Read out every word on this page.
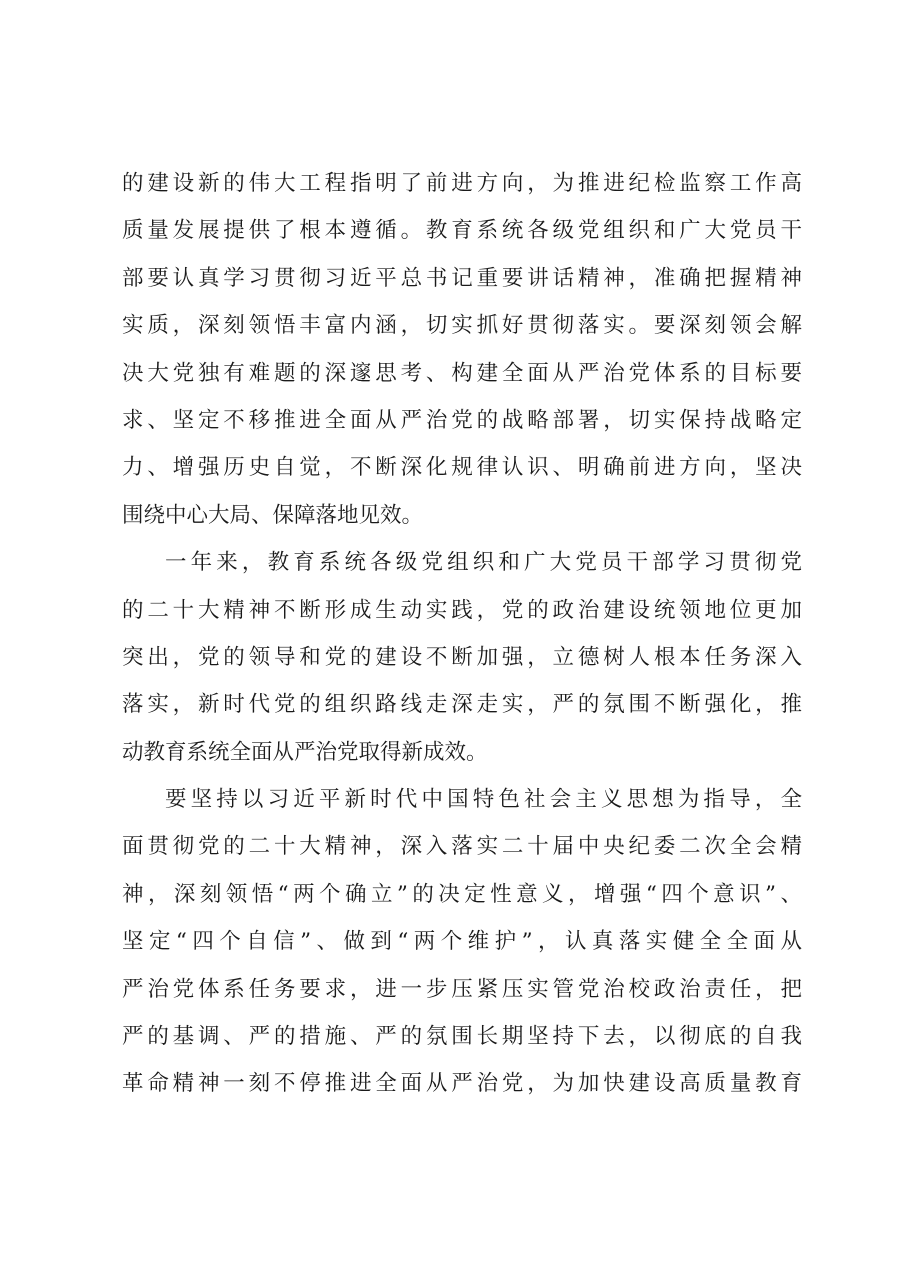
的建设新的伟大工程指明了前进方向，为推进纪检监察工作高
质量发展提供了根本遵循。教育系统各级党组织和广大党员干
部要认真学习贯彻习近平总书记重要讲话精神，准确把握精神
实质，深刻领悟丰富内涵，切实抓好贯彻落实。要深刻领会解
决大党独有难题的深邃思考、构建全面从严治党体系的目标要
求、坚定不移推进全面从严治党的战略部署，切实保持战略定
力、增强历史自觉，不断深化规律认识、明确前进方向，坚决
围绕中心大局、保障落地见效。
一年来，教育系统各级党组织和广大党员干部学习贯彻党
的二十大精神不断形成生动实践，党的政治建设统领地位更加
突出，党的领导和党的建设不断加强，立德树人根本任务深入
落实，新时代党的组织路线走深走实，严的氛围不断强化，推
动教育系统全面从严治党取得新成效。
要坚持以习近平新时代中国特色社会主义思想为指导，全
面贯彻党的二十大精神，深入落实二十届中央纪委二次全会精
神，深刻领悟“两个确立”的决定性意义，增强“四个意识”、
坚定“四个自信”、做到“两个维护”，认真落实健全全面从
严治党体系任务要求，进一步压紧压实管党治校政治责任，把
严的基调、严的措施、严的氛围长期坚持下去，以彻底的自我
革命精神一刻不停推进全面从严治党，为加快建设高质量教育
